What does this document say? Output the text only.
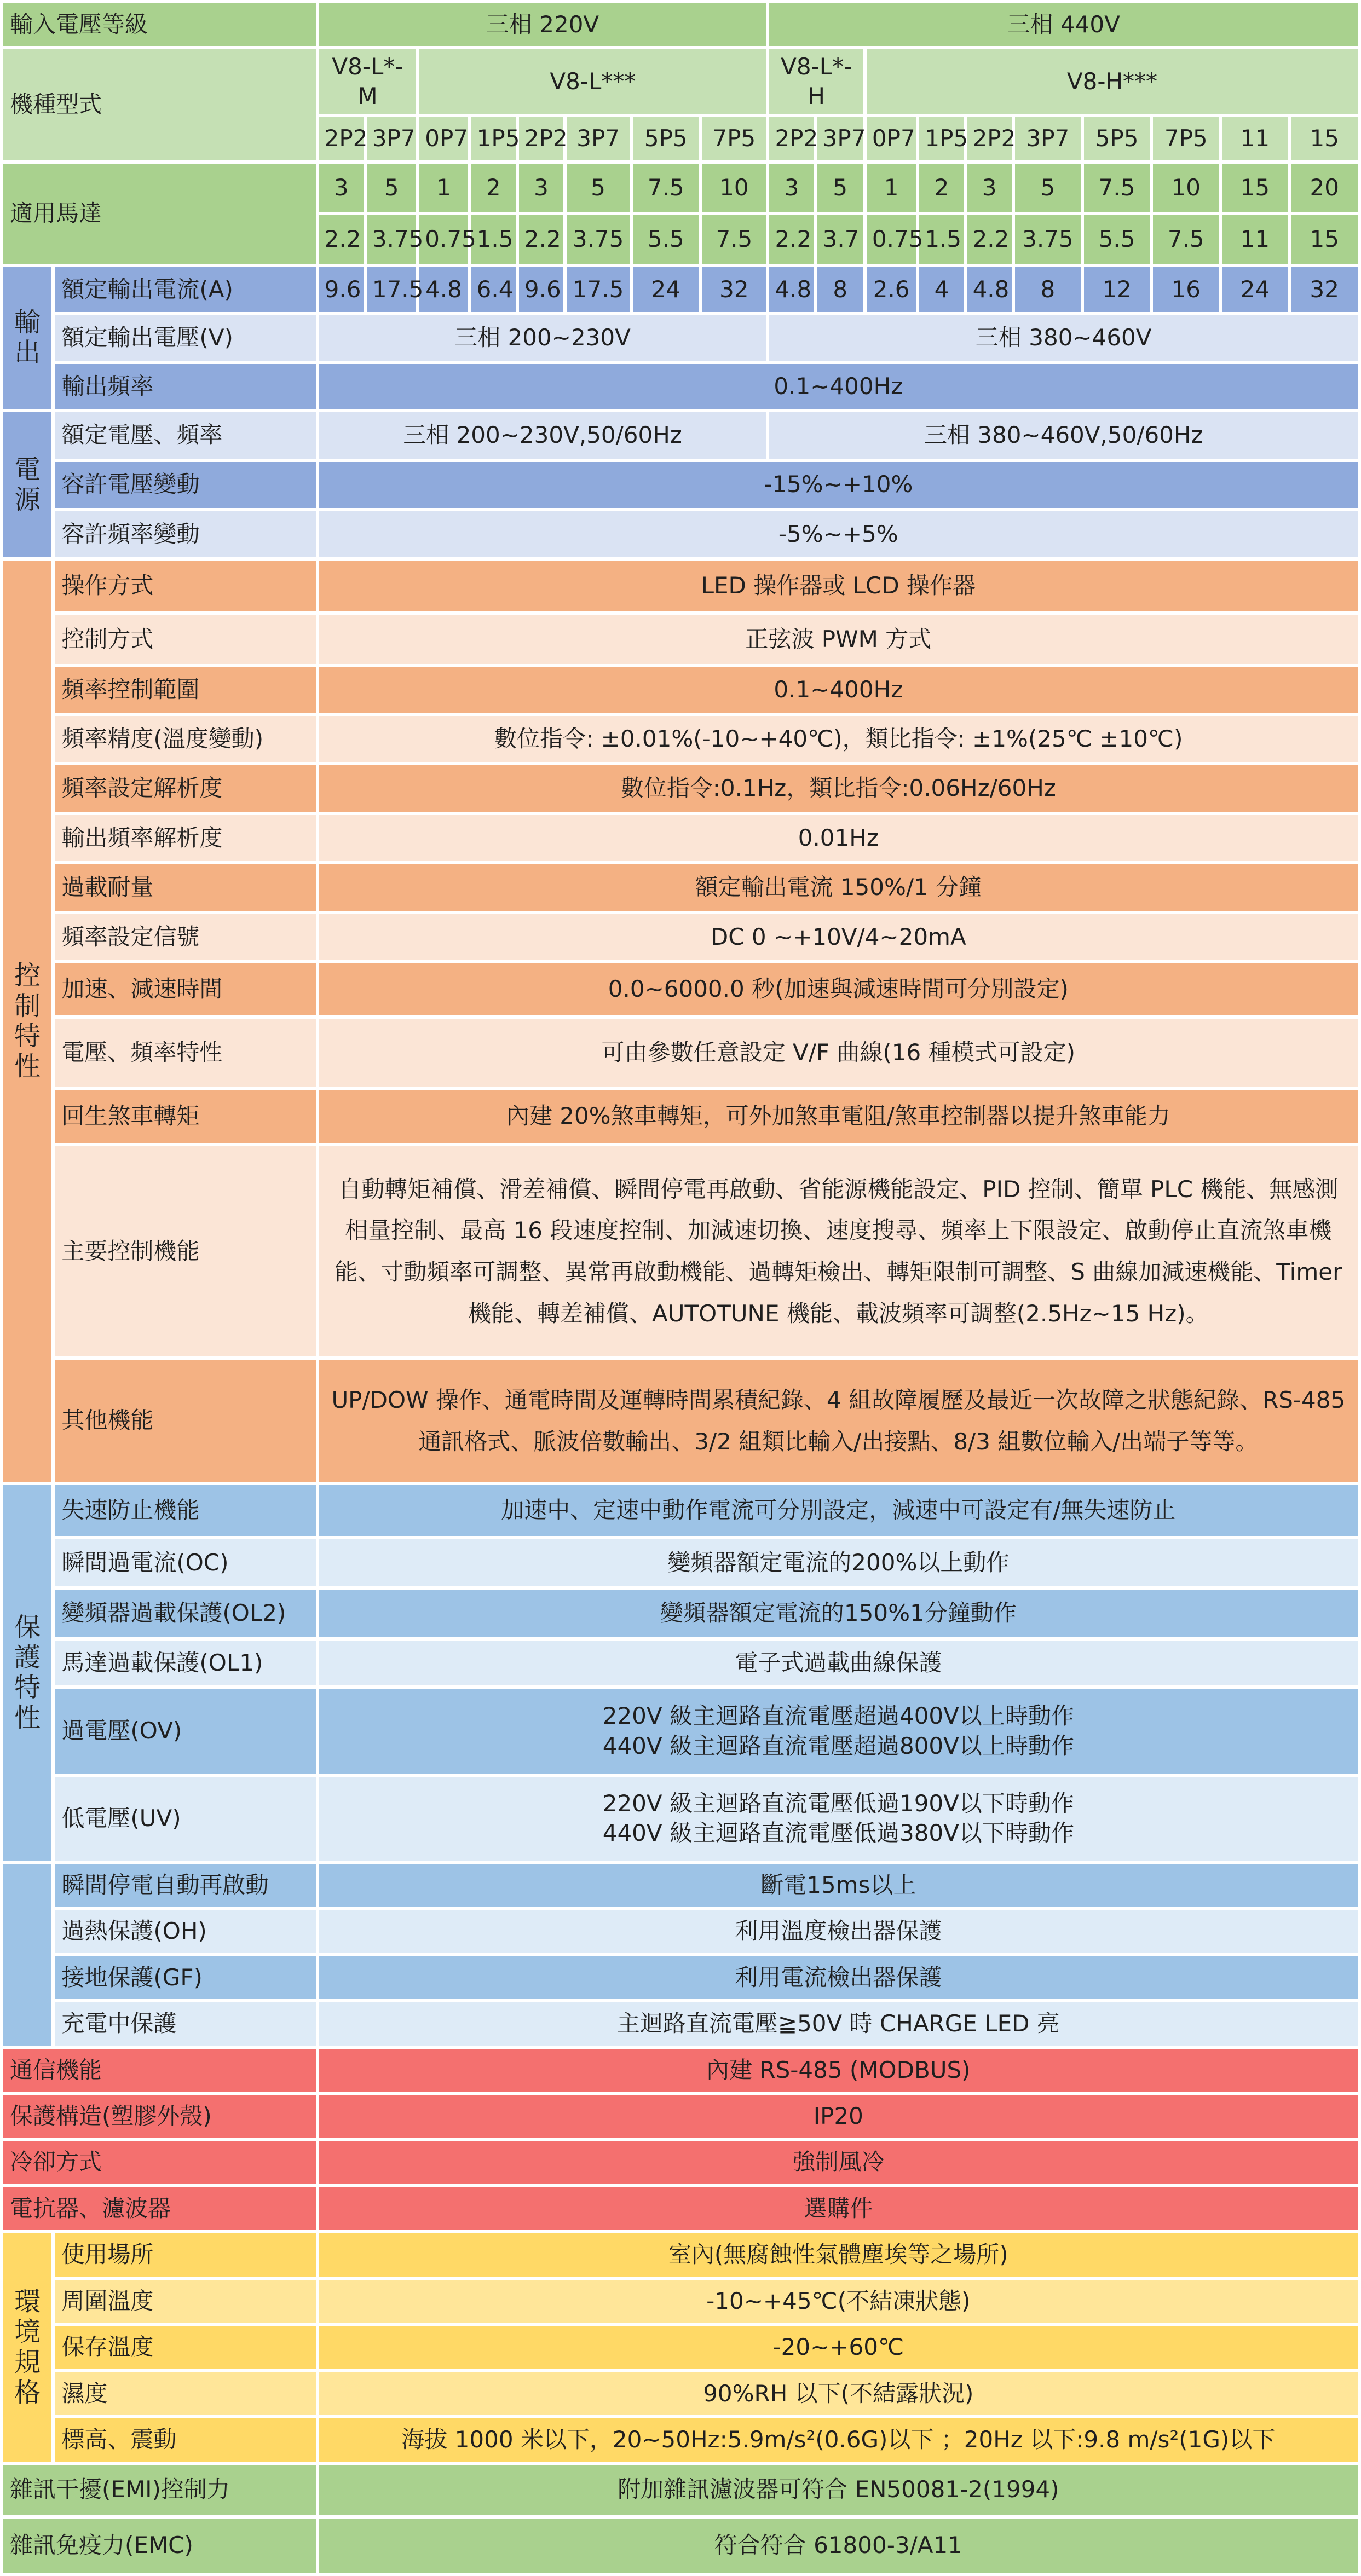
輸入電壓等級		三相 220V								三相 440V									
機種型式		V8-L*-M		V8-L***						V8-L*-H		V8-H***							
		2P2	3P7	0P7	1P5	2P2	3P7	5P5	7P5	2P2	3P7	0P7	1P5	2P2	3P7	5P5	7P5	11	15

適用馬達		3	5	1	2	3	5	7.5	10	3	5	1	2	3	5	7.5	10	15	20
		2.2	3.75	0.75	1.5	2.2	3.75	5.5	7.5	2.2	3.7	0.75	1.5	2.2	3.75	5.5	7.5	11	15
輸出	額定輸出電流(A)	9.6	17.5	4.8	6.4	9.6	17.5	24	32	4.8	8	2.6	4	4.8	8	12	16	24	32
	額定輸出電壓(V)	三相 200~230V								三相 380~460V									
	輸出頻率	0.1~400Hz																	
電源	額定電壓、頻率	三相 200~230V,50/60Hz								三相 380~460V,50/60Hz									
	容許電壓變動	-15%~+10%																	
	容許頻率變動	-5%~+5%																	
控制特性	操作方式	LED 操作器或 LCD 操作器																	
	控制方式	正弦波 PWM 方式																	
	頻率控制範圍	0.1~400Hz																	
	頻率精度(溫度變動)	數位指令: ±0.01%(-10~+40℃)，類比指令: ±1%(25℃ ±10℃)																	
	頻率設定解析度	數位指令:0.1Hz，類比指令:0.06Hz/60Hz																	
	輸出頻率解析度	0.01Hz																	
	過載耐量	額定輸出電流 150%/1 分鐘																	
	頻率設定信號	DC 0 ~+10V/4~20mA																	
	加速、減速時間	0.0~6000.0 秒(加速與減速時間可分別設定)																	
	電壓、頻率特性	可由參數任意設定 V/F 曲線(16 種模式可設定)																	
	回生煞車轉矩	內建 20%煞車轉矩，可外加煞車電阻/煞車控制器以提升煞車能力																	
	主要控制機能	自動轉矩補償、滑差補償、瞬間停電再啟動、省能源機能設定、PID 控制、簡單 PLC 機能、無感測相量控制、最高 16 段速度控制、加減速切換、速度搜尋、頻率上下限設定、啟動停止直流煞車機能、寸動頻率可調整、異常再啟動機能、過轉矩檢出、轉矩限制可調整、S 曲線加減速機能、Timer 機能、轉差補償、AUTOTUNE 機能、載波頻率可調整(2.5Hz~15 Hz)。																	
	其他機能	UP/DOW 操作、通電時間及運轉時間累積紀錄、4 組故障履歷及最近一次故障之狀態紀錄、RS-485 通訊格式、脈波倍數輸出、3/2 組類比輸入/出接點、8/3 組數位輸入/出端子等等。																	
保護特性	失速防止機能	加速中、定速中動作電流可分別設定，減速中可設定有/無失速防止																	
	瞬間過電流(OC)	變頻器額定電流的200%以上動作																	
	變頻器過載保護(OL2)	變頻器額定電流的150%1分鐘動作																	
	馬達過載保護(OL1)	電子式過載曲線保護																	
	過電壓(OV)	220V 級主迴路直流電壓超過400V以上時動作
440V 級主迴路直流電壓超過800V以上時動作																	

	低電壓(UV)	220V 級主迴路直流電壓低過190V以下時動作
440V 級主迴路直流電壓低過380V以下時動作																	

	瞬間停電自動再啟動	斷電15ms以上																	
	過熱保護(OH)	利用溫度檢出器保護																	
	接地保護(GF)	利用電流檢出器保護																	
	充電中保護	主迴路直流電壓≧50V 時 CHARGE LED 亮																	
通信機能		內建 RS-485 (MODBUS)																	
保護構造(塑膠外殼)		IP20																	
冷卻方式		強制風冷																	
電抗器、濾波器		選購件																	
環境規格	使用場所	室內(無腐蝕性氣體塵埃等之場所)																	
	周圍溫度	-10~+45℃(不結凍狀態)																	
	保存溫度	-20~+60℃																	
	濕度	90%RH 以下(不結露狀況)																	
	標高、震動	海拔 1000 米以下，20~50Hz:5.9m/s²(0.6G)以下 ；20Hz 以下:9.8 m/s²(1G)以下																	
雜訊干擾(EMI)控制力		附加雜訊濾波器可符合 EN50081-2(1994)																	
雜訊免疫力(EMC)		符合符合 61800-3/A11																	
